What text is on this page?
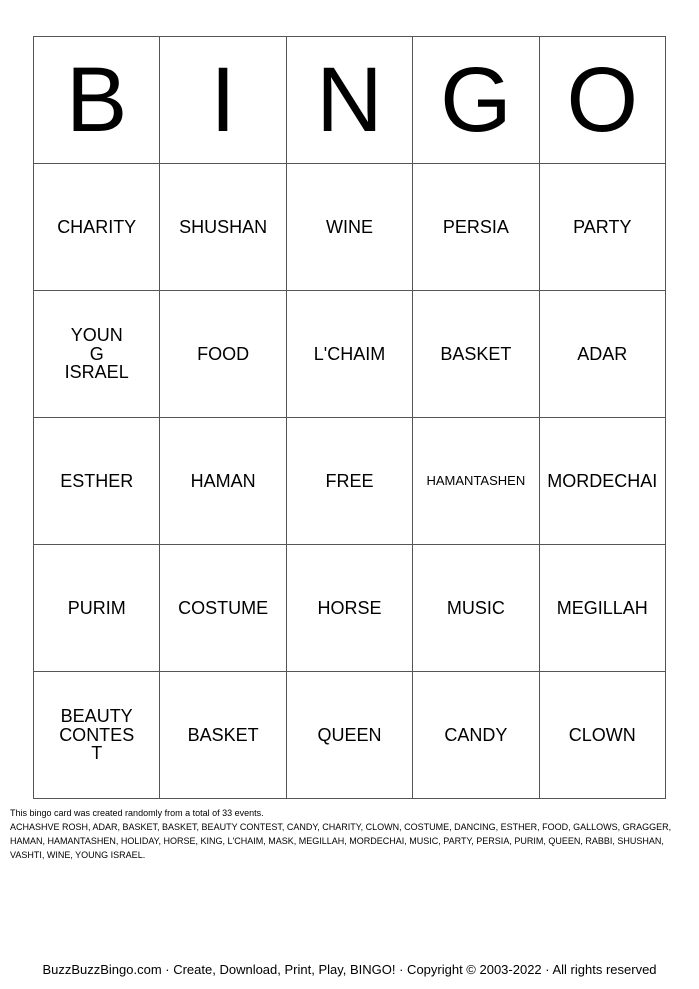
B	I	N	G	O
CHARITY	SHUSHAN	WINE	PERSIA	PARTY
YOUNG ISRAEL	FOOD	L'CHAIM	BASKET	ADAR
ESTHER	HAMAN	FREE	HAMANTASHEN	MORDECHAI
PURIM	COSTUME	HORSE	MUSIC	MEGILLAH
BEAUTY CONTEST	BASKET	QUEEN	CANDY	CLOWN
This bingo card was created randomly from a total of 33 events.
ACHASHVE ROSH, ADAR, BASKET, BASKET, BEAUTY CONTEST, CANDY, CHARITY, CLOWN, COSTUME, DANCING, ESTHER, FOOD, GALLOWS, GRAGGER, HAMAN, HAMANTASHEN, HOLIDAY, HORSE, KING, L'CHAIM, MASK, MEGILLAH, MORDECHAI, MUSIC, PARTY, PERSIA, PURIM, QUEEN, RABBI, SHUSHAN, VASHTI, WINE, YOUNG ISRAEL.
BuzzBuzzBingo.com · Create, Download, Print, Play, BINGO! · Copyright © 2003-2022 · All rights reserved
